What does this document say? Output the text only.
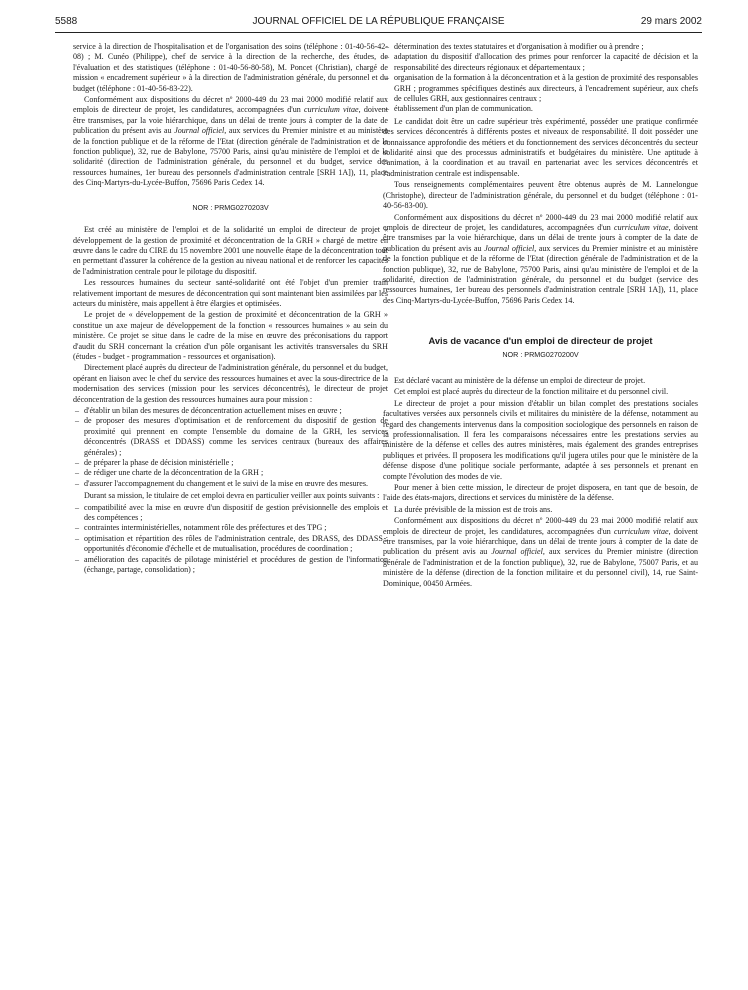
5588	JOURNAL OFFICIEL DE LA RÉPUBLIQUE FRANÇAISE	29 mars 2002

service à la direction de l'hospitalisation et de l'organisation des soins (téléphone : 01-40-56-42-08) ; M. Cunéo (Philippe), chef de service à la direction de la recherche, des études, de l'évaluation et des statistiques (téléphone : 01-40-56-80-58), M. Poncet (Christian), chargé de mission « encadrement supérieur » à la direction de l'administration générale, du personnel et du budget (téléphone : 01-40-56-83-22).

Conformément aux dispositions du décret nº 2000-449 du 23 mai 2000 modifié relatif aux emplois de directeur de projet, les candidatures, accompagnées d'un curriculum vitae, doivent être transmises, par la voie hiérarchique, dans un délai de trente jours à compter de la date de publication du présent avis au Journal officiel, aux services du Premier ministre et au ministère de la fonction publique et de la réforme de l'Etat (direction générale de l'administration et de la fonction publique), 32, rue de Babylone, 75700 Paris, ainsi qu'au ministère de l'emploi et de la solidarité (direction de l'administration générale, du personnel et du budget, service des ressources humaines, 1er bureau des personnels d'administration centrale [SRH 1A]), 11, place des Cinq-Martyrs-du-Lycée-Buffon, 75696 Paris Cedex 14.

NOR : PRMG0270203V

Est créé au ministère de l'emploi et de la solidarité un emploi de directeur de projet « développement de la gestion de proximité et déconcentration de la GRH » chargé de mettre en œuvre dans le cadre du CIRE du 15 novembre 2001 une nouvelle étape de la déconcentration tout en permettant d'assurer la cohérence de la gestion au niveau national et de renforcer les capacités de l'administration centrale pour le pilotage du dispositif.

Les ressources humaines du secteur santé-solidarité ont été l'objet d'un premier train relativement important de mesures de déconcentration qui sont maintenant bien assimilées par les acteurs du ministère, mais appellent à être élargies et optimisées.

Le projet de « développement de la gestion de proximité et déconcentration de la GRH » constitue un axe majeur de développement de la fonction « ressources humaines » au sein du ministère. Ce projet se situe dans le cadre de la mise en œuvre des préconisations du rapport d'audit du SRH concernant la création d'un pôle organisant les activités transversales du SRH (études - budget - programmation - ressources et organisation).

Directement placé auprès du directeur de l'administration générale, du personnel et du budget, opérant en liaison avec le chef du service des ressources humaines et avec la sous-directrice de la modernisation des services (mission pour les services déconcentrés), le directeur de projet déconcentration de la gestion des ressources humaines aura pour mission :

– d'établir un bilan des mesures de déconcentration actuellement mises en œuvre ;
– de proposer des mesures d'optimisation et de renforcement du dispositif de gestion de proximité qui prennent en compte l'ensemble du domaine de la GRH, les services déconcentrés (DRASS et DDASS) comme les services centraux (bureaux des affaires générales) ;
– de préparer la phase de décision ministérielle ;
– de rédiger une charte de la déconcentration de la GRH ;
– d'assurer l'accompagnement du changement et le suivi de la mise en œuvre des mesures.

Durant sa mission, le titulaire de cet emploi devra en particulier veiller aux points suivants :

– compatibilité avec la mise en œuvre d'un dispositif de gestion prévisionnelle des emplois et des compétences ;
– contraintes interministérielles, notamment rôle des préfectures et des TPG ;
– optimisation et répartition des rôles de l'administration centrale, des DRASS, des DDASS : opportunités d'économie d'échelle et de mutualisation, procédures de coordination ;
– amélioration des capacités de pilotage ministériel et procédures de gestion de l'information (échange, partage, consolidation) ;
– détermination des textes statutaires et d'organisation à modifier ou à prendre ;
– adaptation du dispositif d'allocation des primes pour renforcer la capacité de décision et la responsabilité des directeurs régionaux et départementaux ;
– organisation de la formation à la déconcentration et à la gestion de proximité des responsables GRH ; programmes spécifiques destinés aux directeurs, à l'encadrement supérieur, aux chefs de cellules GRH, aux gestionnaires centraux ;
– établissement d'un plan de communication.

Le candidat doit être un cadre supérieur très expérimenté, posséder une pratique confirmée des services déconcentrés à différents postes et niveaux de responsabilité. Il doit posséder une connaissance approfondie des métiers et du fonctionnement des services déconcentrés du secteur solidarité ainsi que des processus administratifs et budgétaires du ministère. Une aptitude à l'animation, à la coordination et au travail en partenariat avec les services déconcentrés et l'administration centrale est indispensable.

Tous renseignements complémentaires peuvent être obtenus auprès de M. Lannelongue (Christophe), directeur de l'administration générale, du personnel et du budget (téléphone : 01-40-56-83-00).

Conformément aux dispositions du décret nº 2000-449 du 23 mai 2000 modifié relatif aux emplois de directeur de projet, les candidatures, accompagnées d'un curriculum vitae, doivent être transmises par la voie hiérarchique, dans un délai de trente jours à compter de la date de publication du présent avis au Journal officiel, aux services du Premier ministre et au ministère de la fonction publique et de la réforme de l'Etat (direction générale de l'administration et de la fonction publique), 32, rue de Babylone, 75700 Paris, ainsi qu'au ministère de l'emploi et de la solidarité, direction de l'administration générale, du personnel et du budget (service des ressources humaines, 1er bureau des personnels d'administration centrale [SRH 1A]), 11, place des Cinq-Martyrs-du-Lycée-Buffon, 75696 Paris Cedex 14.

Avis de vacance d'un emploi de directeur de projet
NOR : PRMG0270200V

Est déclaré vacant au ministère de la défense un emploi de directeur de projet.

Cet emploi est placé auprès du directeur de la fonction militaire et du personnel civil.

Le directeur de projet a pour mission d'établir un bilan complet des prestations sociales facultatives versées aux personnels civils et militaires du ministère de la défense, notamment au regard des changements intervenus dans la composition sociologique des personnels en raison de la professionnalisation. Il fera les comparaisons nécessaires entre les prestations servies au ministère de la défense et celles des autres ministères, mais également des grandes entreprises publiques et privées. Il proposera les modifications qu'il jugera utiles pour que le ministère de la défense dispose d'une politique sociale performante, adaptée à ses personnels et prenant en compte l'évolution des modes de vie.

Pour mener à bien cette mission, le directeur de projet disposera, en tant que de besoin, de l'aide des états-majors, directions et services du ministère de la défense.

La durée prévisible de la mission est de trois ans.

Conformément aux dispositions du décret nº 2000-449 du 23 mai 2000 modifié relatif aux emplois de directeur de projet, les candidatures, accompagnées d'un curriculum vitae, doivent être transmises, par la voie hiérarchique, dans un délai de trente jours à compter de la date de publication du présent avis au Journal officiel, aux services du Premier ministre (direction générale de l'administration et de la fonction publique), 32, rue de Babylone, 75007 Paris, et au ministère de la défense (direction de la fonction militaire et du personnel civil), 14, rue Saint-Dominique, 00450 Armées.
